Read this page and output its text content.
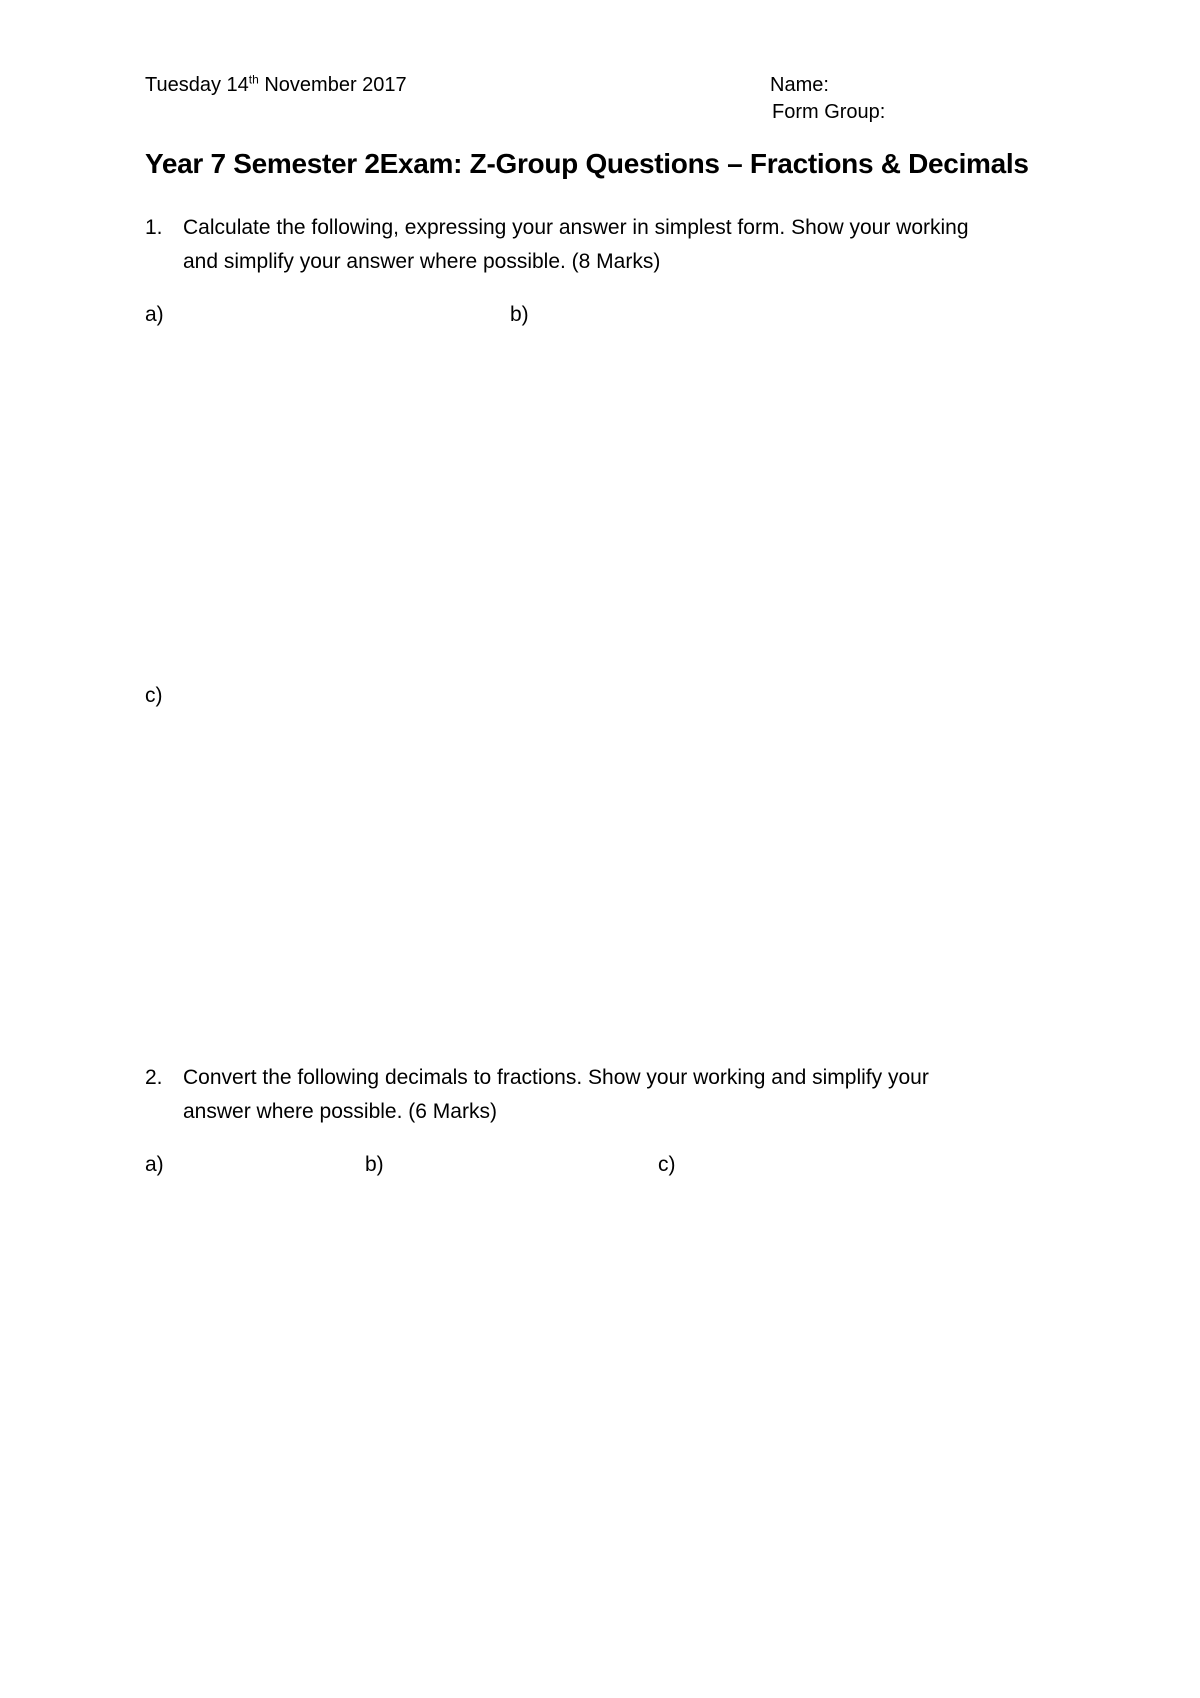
Tuesday 14th November 2017	Name:
Form Group:
Year 7 Semester 2Exam: Z-Group Questions – Fractions & Decimals
1. Calculate the following, expressing your answer in simplest form. Show your working
and simplify your answer where possible. (8 Marks)
a)	b)
c)
2. Convert the following decimals to fractions. Show your working and simplify your
answer where possible. (6 Marks)
a)	b)	c)
